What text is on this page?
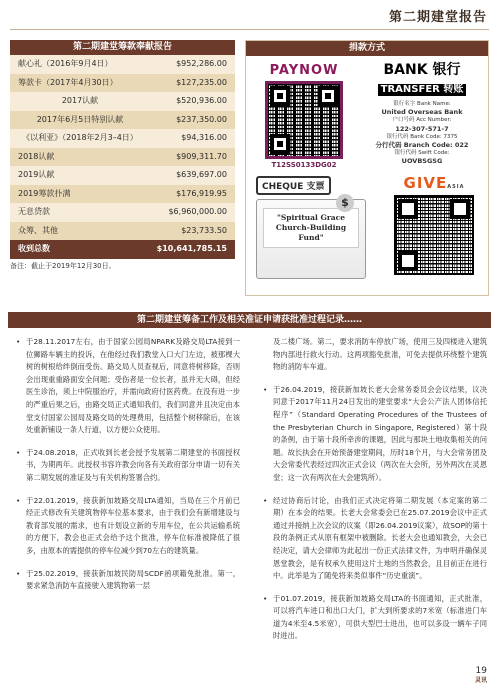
第二期建堂报告
第二期建堂筹款奉献报告
献心礼（2016年9月4日）	$952,286.00
筹款卡（2017年4月30日）	$127,235.00
2017认献	$520,936.00
2017年6月5日特别认献	$237,350.00
《以利亚》（2018年2月3–4日）	$94,316.00
2018认献	$909,311.70
2019认献	$639,697.00
2019筹款扑满	$176,919.95
无息贷款	$6,960,000.00
众筹、其他	$23,733.50
收到总数	$10,641,785.15
备注：截止于2019年12月30日。
捐款方式
PAYNOW
T12SS0133DG02
BANK 银行
TRANSFER 转账
银行名字 Bank Name:
United Overseas Bank
户口号码 Acc Number:
122-307-571-7
银行代码 Bank Code: 7375
分行代码 Branch Code: 022
银行代码 Swift Code:
UOVBSGSG
CHEQUE 支票
$
"Spiritual Grace Church-Building Fund"
GIVEASIA
第二期建堂筹备工作及相关准证申请获批准过程记录……
• 于28.11.2017左右，由于国家公园局NPARK及路交局LTA接到一位狮路车辆主的投诉，在他经过我们教堂入口大门左边，被那棵大树的树根给绊倒而受伤。路交局人员查视后，同意将树移除，否则会出现重重路面安全问题；受伤者是一位长者，虽并无大碍，但经医生诊治，须上中院服治疗，并需向政府付医药费。在没有进一步的严重后果之后，由路交局正式通知我们，我们同意并且决定由本堂支付国家公园局及路交局的处理费用，包括整个树移除后，在该处重新铺设一条人行道，以方便公众使用。
• 于24.08.2018，正式收到长老会授予发展第二期建堂的书面授权书，为期两年。此授权书容许教会向各有关政府部分申请一切有关第二期发展的准证及与有关机构签署合约。
• 于22.01.2019，接获新加坡路交局LTA通知，当局在三个月前已经正式修改有关建筑物停车位基本要求，由于我们会有新增建设与教育部发展的需求，也有计划设立新的专用车位，在公共运输系统的方便下，教会也正式会给予这个批准，停车位标准被降低了很多，由原本的需提供的停车位减少到70左右的建筑量。
• 于25.02.2019，接获新加坡民防局SCDF函项籍免批准。第一，要求紧急消防车直接驶入建筑物第一层
及二楼广场。第二，要求消防车停放广场，使用三及四楼进入建筑物内部进行救火行动。这两项豁免批准，可免去提供环绕整个建筑物的消防车车道。
• 于26.04.2019，接获新加坡长老大会常务委员会会议结果，议决同意于2017年11月24日发出的建堂要求“大会公产法人团体信托程序”（Standard Operating Procedures of the Trustees of the Presbyterian Church in Singapore, Registered）第十段的条例，由于第十段所牵涉的课题，因此与那块土地收集相关的问题。故长执会在开始预备建堂期间，历时18个月，与大会常务团及大会常委代表经过四次正式会议（两次在大会所，另外两次在灵恩堂；这一次有两次在大会建筑所）。
• 经过协商后讨论，由我们正式决定将第二期发展（本定案的第二期）在本会的结果。长老大会常委会已在25.07.2019会议中正式通过并接纳上次会议的议案（即26.04.2019议案），故SOP的第十段的条例正式从原有框架中被删除。长老大会也通知教会，大会已经决定，请大会律师为此起出一份正式法律文件，为申明并确保灵恩堂教会，是有权承久使用这片土地的当然教会，且目前正在进行中。此举是为了随免将来类似事件“历史重演”。
• 于01.07.2019，接获新加坡路交局LTA的书面通知，正式批准，可以将汽车进口和出口大门，扩大到所要求的7米宽（标准进门车道为4米至4.5米宽），可供大型巴士进出，也可以多设一辆车子同时进出。
19
灵讯
